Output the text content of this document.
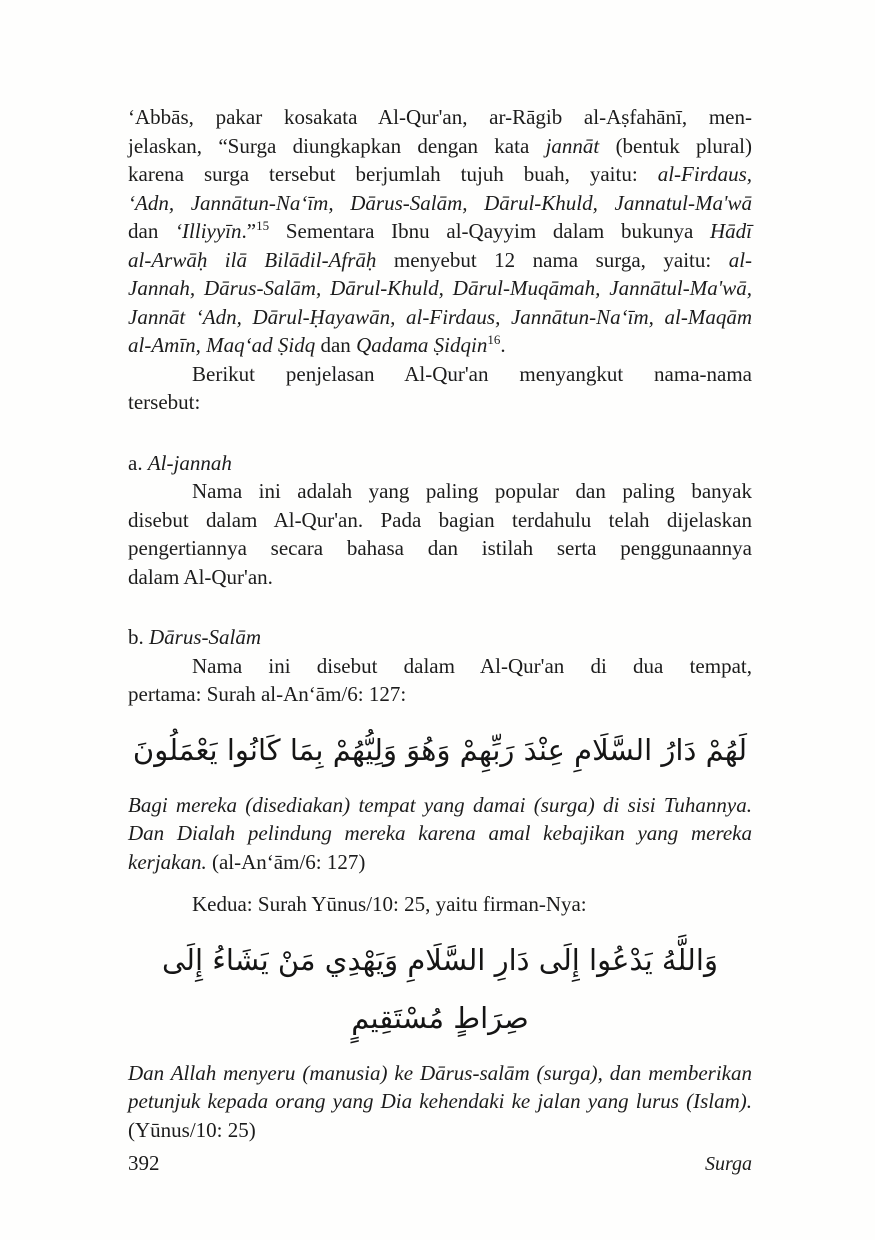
‘Abbās, pakar kosakata Al-Qur'an, ar-Rāgib al-Aṣfahānī, men-
jelaskan, “Surga diungkapkan dengan kata jannāt (bentuk plural)
karena surga tersebut berjumlah tujuh buah, yaitu: al-Firdaus,
‘Adn, Jannātun-Na‘īm, Dārus-Salām, Dārul-Khuld, Jannatul-Ma'wā
dan ‘Illiyyīn.”$^{15}$ Sementara Ibnu al-Qayyim dalam bukunya Hādī
al-Arwāḥ ilā Bilādil-Afrāḥ menyebut 12 nama surga, yaitu: al-
Jannah, Dārus-Salām, Dārul-Khuld, Dārul-Muqāmah, Jannātul-Ma'wā,
Jannāt ‘Adn, Dārul-Ḥayawān, al-Firdaus, Jannātun-Na‘īm, al-Maqām
al-Amīn, Maq‘ad Ṣidq dan Qadama Ṣidqin$^{16}$.
Berikut penjelasan Al-Qur'an menyangkut nama-nama
tersebut:
a. Al-jannah
Nama ini adalah yang paling popular dan paling banyak
disebut dalam Al-Qur'an. Pada bagian terdahulu telah dijelaskan
pengertiannya secara bahasa dan istilah serta penggunaannya
dalam Al-Qur'an.
b. Dārus-Salām
Nama ini disebut dalam Al-Qur'an di dua tempat,
pertama: Surah al-An‘ām/6: 127:
لَهُمْ دَارُ السَّلَامِ عِنْدَ رَبِّهِمْ وَهُوَ وَلِيُّهُمْ بِمَا كَانُوا يَعْمَلُونَ
Bagi mereka (disediakan) tempat yang damai (surga) di sisi Tuhannya.
Dan Dialah pelindung mereka karena amal kebajikan yang mereka
kerjakan. (al-An‘ām/6: 127)
Kedua: Surah Yūnus/10: 25, yaitu firman-Nya:
وَاللَّهُ يَدْعُوا إِلَى دَارِ السَّلَامِ وَيَهْدِي مَنْ يَشَاءُ إِلَى صِرَاطٍ مُسْتَقِيمٍ
Dan Allah menyeru (manusia) ke Dārus-salām (surga), dan memberikan
petunjuk kepada orang yang Dia kehendaki ke jalan yang lurus (Islam).
(Yūnus/10: 25)
392	Surga
